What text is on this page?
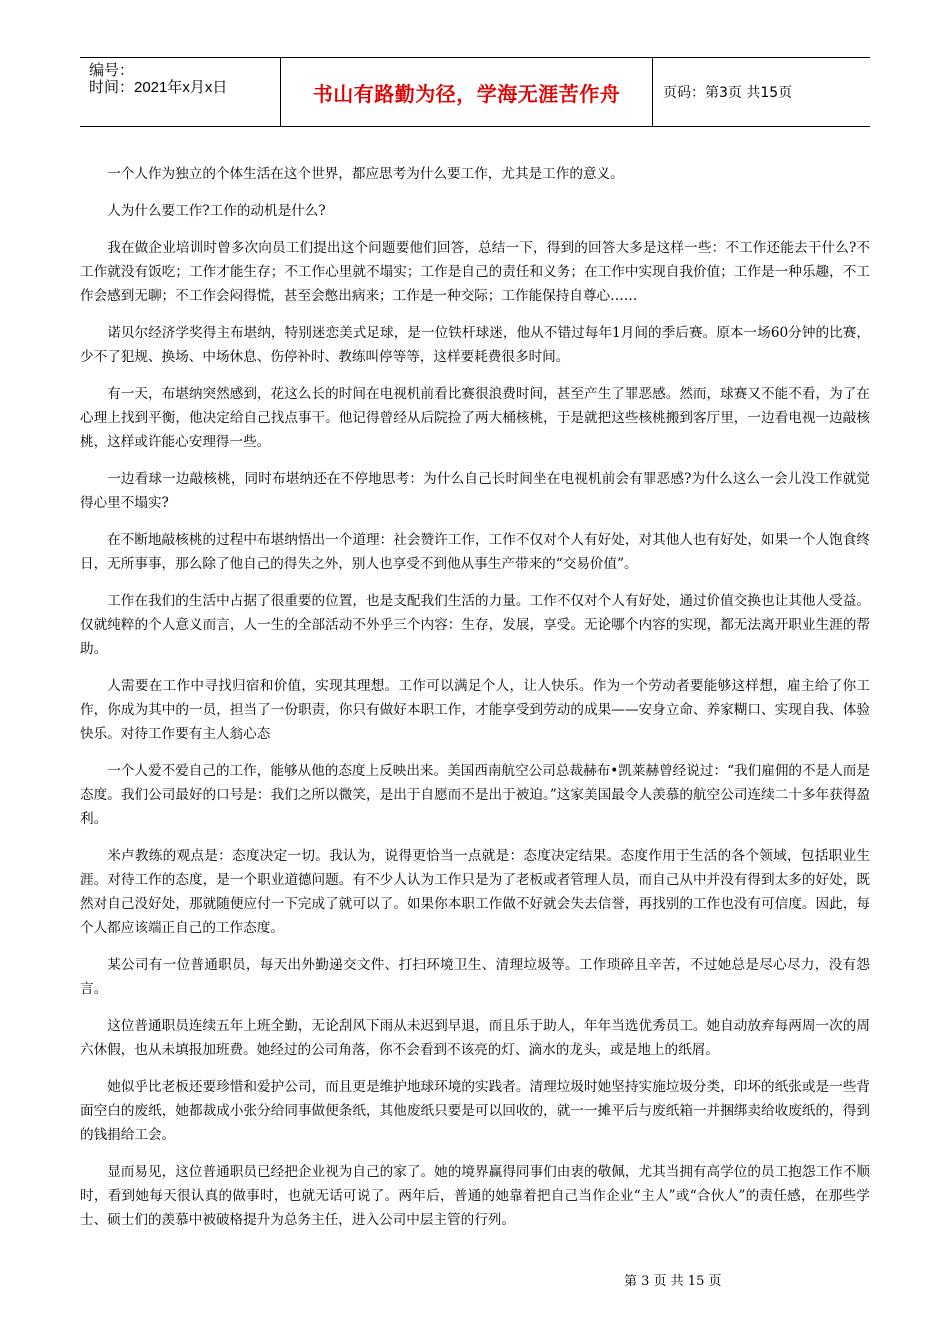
编号：
时间：2021年x月x日	书山有路勤为径，学海无涯苦作舟	页码：第3页 共15页

一个人作为独立的个体生活在这个世界，都应思考为什么要工作，尤其是工作的意义。

人为什么要工作?工作的动机是什么?

我在做企业培训时曾多次向员工们提出这个问题要他们回答，总结一下，得到的回答大多是这样一些：不工作还能去干什么?不工作就没有饭吃；工作才能生存；不工作心里就不塌实；工作是自己的责任和义务；在工作中实现自我价值；工作是一种乐趣，不工作会感到无聊；不工作会闷得慌，甚至会憋出病来；工作是一种交际；工作能保持自尊心……

诺贝尔经济学奖得主布堪纳，特别迷恋美式足球，是一位铁杆球迷，他从不错过每年1月间的季后赛。原本一场60分钟的比赛，少不了犯规、换场、中场休息、伤停补时、教练叫停等等，这样要耗费很多时间。

有一天，布堪纳突然感到，花这么长的时间在电视机前看比赛很浪费时间，甚至产生了罪恶感。然而，球赛又不能不看，为了在心理上找到平衡，他决定给自己找点事干。他记得曾经从后院捡了两大桶核桃，于是就把这些核桃搬到客厅里，一边看电视一边敲核桃，这样或许能心安理得一些。

一边看球一边敲核桃，同时布堪纳还在不停地思考：为什么自己长时间坐在电视机前会有罪恶感?为什么这么一会儿没工作就觉得心里不塌实?

在不断地敲核桃的过程中布堪纳悟出一个道理：社会赞许工作，工作不仅对个人有好处，对其他人也有好处，如果一个人饱食终日，无所事事，那么除了他自己的得失之外，别人也享受不到他从事生产带来的“交易价值”。

工作在我们的生活中占据了很重要的位置，也是支配我们生活的力量。工作不仅对个人有好处，通过价值交换也让其他人受益。仅就纯粹的个人意义而言，人一生的全部活动不外乎三个内容：生存，发展，享受。无论哪个内容的实现，都无法离开职业生涯的帮助。

人需要在工作中寻找归宿和价值，实现其理想。工作可以满足个人，让人快乐。作为一个劳动者要能够这样想，雇主给了你工作，你成为其中的一员，担当了一份职责，你只有做好本职工作，才能享受到劳动的成果——安身立命、养家糊口、实现自我、体验快乐。对待工作要有主人翁心态

一个人爱不爱自己的工作，能够从他的态度上反映出来。美国西南航空公司总裁赫布•凯莱赫曾经说过：“我们雇佣的不是人而是态度。我们公司最好的口号是：我们之所以微笑，是出于自愿而不是出于被迫。”这家美国最令人羡慕的航空公司连续二十多年获得盈利。

米卢教练的观点是：态度决定一切。我认为，说得更恰当一点就是：态度决定结果。态度作用于生活的各个领域，包括职业生涯。对待工作的态度，是一个职业道德问题。有不少人认为工作只是为了老板或者管理人员，而自己从中并没有得到太多的好处，既然对自己没好处，那就随便应付一下完成了就可以了。如果你本职工作做不好就会失去信誉，再找别的工作也没有可信度。因此，每个人都应该端正自己的工作态度。

某公司有一位普通职员，每天出外勤递交文件、打扫环境卫生、清理垃圾等。工作琐碎且辛苦，不过她总是尽心尽力，没有怨言。

这位普通职员连续五年上班全勤，无论刮风下雨从未迟到早退，而且乐于助人，年年当选优秀员工。她自动放弃每两周一次的周六休假，也从未填报加班费。她经过的公司角落，你不会看到不该亮的灯、滴水的龙头，或是地上的纸屑。

她似乎比老板还要珍惜和爱护公司，而且更是维护地球环境的实践者。清理垃圾时她坚持实施垃圾分类，印坏的纸张或是一些背面空白的废纸，她都裁成小张分给同事做便条纸，其他废纸只要是可以回收的，就一一摊平后与废纸箱一并捆绑卖给收废纸的，得到的钱捐给工会。

显而易见，这位普通职员已经把企业视为自己的家了。她的境界赢得同事们由衷的敬佩，尤其当拥有高学位的员工抱怨工作不顺时，看到她每天很认真的做事时，也就无话可说了。两年后，普通的她靠着把自己当作企业“主人”或“合伙人”的责任感，在那些学士、硕士们的羡慕中被破格提升为总务主任，进入公司中层主管的行列。

第 3 页 共 15 页
